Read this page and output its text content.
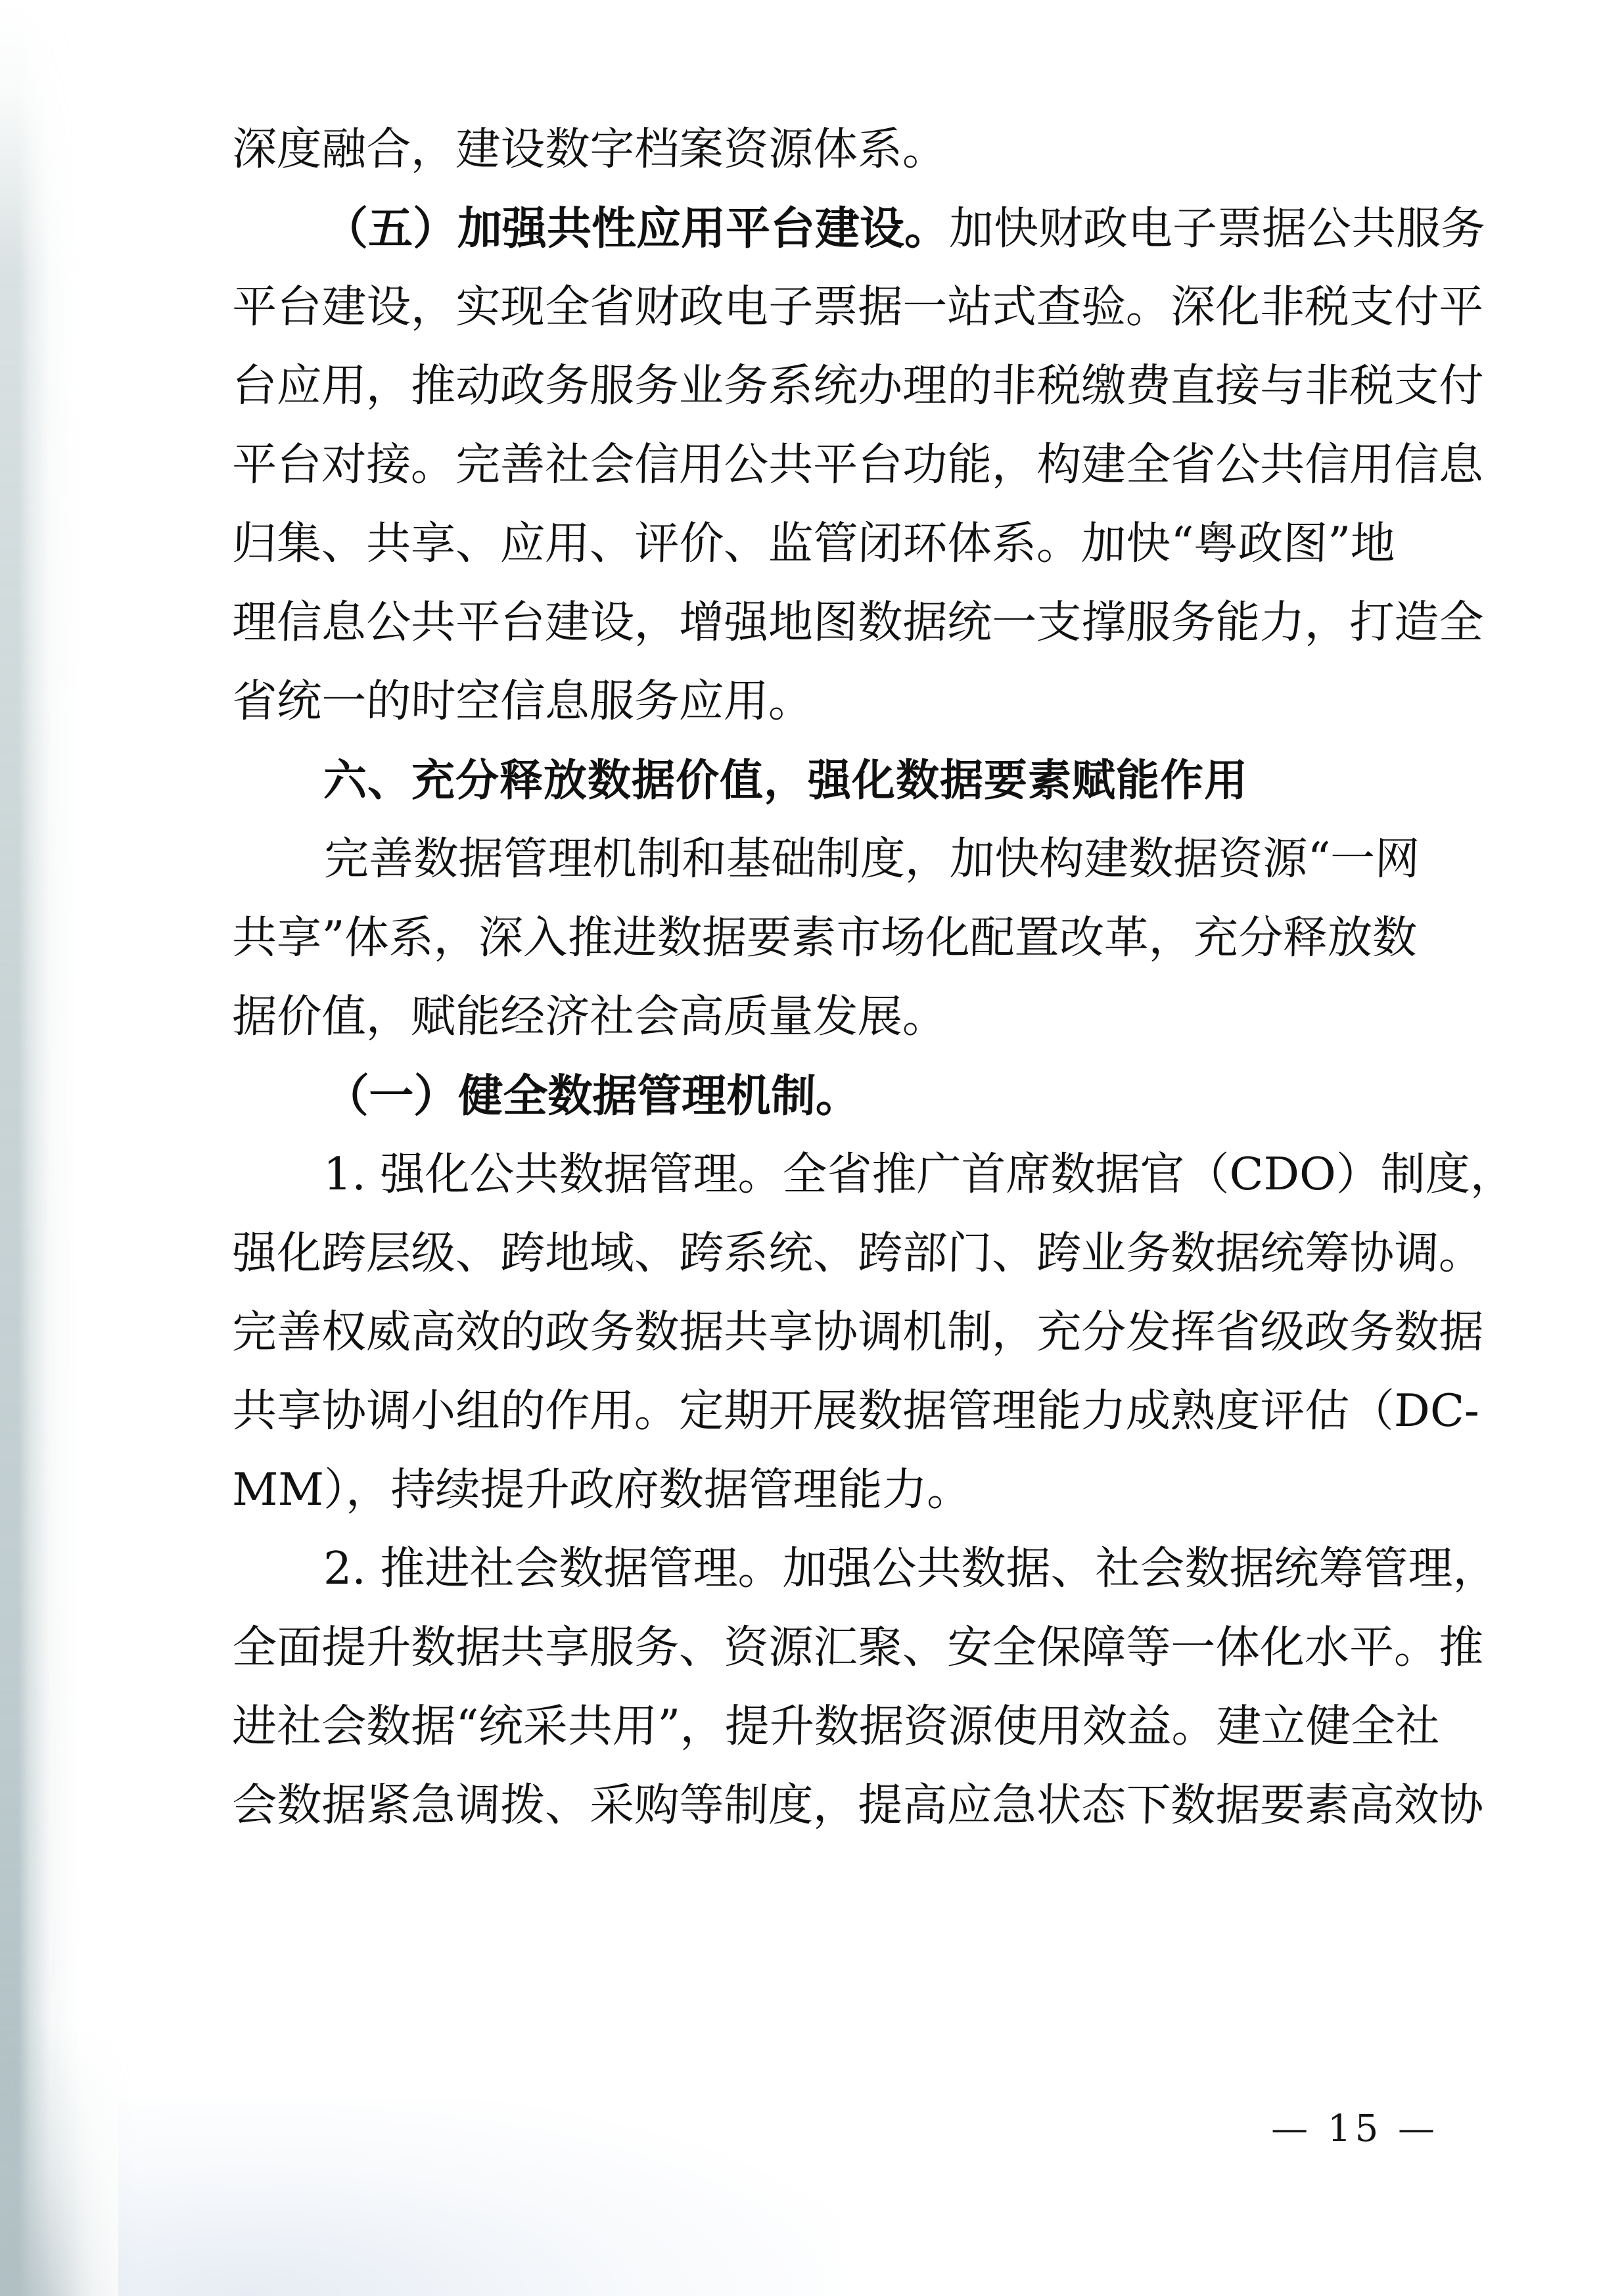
深度融合，建设数字档案资源体系。
（五）加强共性应用平台建设。加快财政电子票据公共服务
平台建设，实现全省财政电子票据一站式查验。深化非税支付平
台应用，推动政务服务业务系统办理的非税缴费直接与非税支付
平台对接。完善社会信用公共平台功能，构建全省公共信用信息
归集、共享、应用、评价、监管闭环体系。加快“粤政图”地
理信息公共平台建设，增强地图数据统一支撑服务能力，打造全
省统一的时空信息服务应用。
六、充分释放数据价值，强化数据要素赋能作用
完善数据管理机制和基础制度，加快构建数据资源“一网
共享”体系，深入推进数据要素市场化配置改革，充分释放数
据价值，赋能经济社会高质量发展。
（一）健全数据管理机制。
1. 强化公共数据管理。全省推广首席数据官（CDO）制度，
强化跨层级、跨地域、跨系统、跨部门、跨业务数据统筹协调。
完善权威高效的政务数据共享协调机制，充分发挥省级政务数据
共享协调小组的作用。定期开展数据管理能力成熟度评估（DC-
MM），持续提升政府数据管理能力。
2. 推进社会数据管理。加强公共数据、社会数据统筹管理，
全面提升数据共享服务、资源汇聚、安全保障等一体化水平。推
进社会数据“统采共用”，提升数据资源使用效益。建立健全社
会数据紧急调拨、采购等制度，提高应急状态下数据要素高效协
— 15 —
